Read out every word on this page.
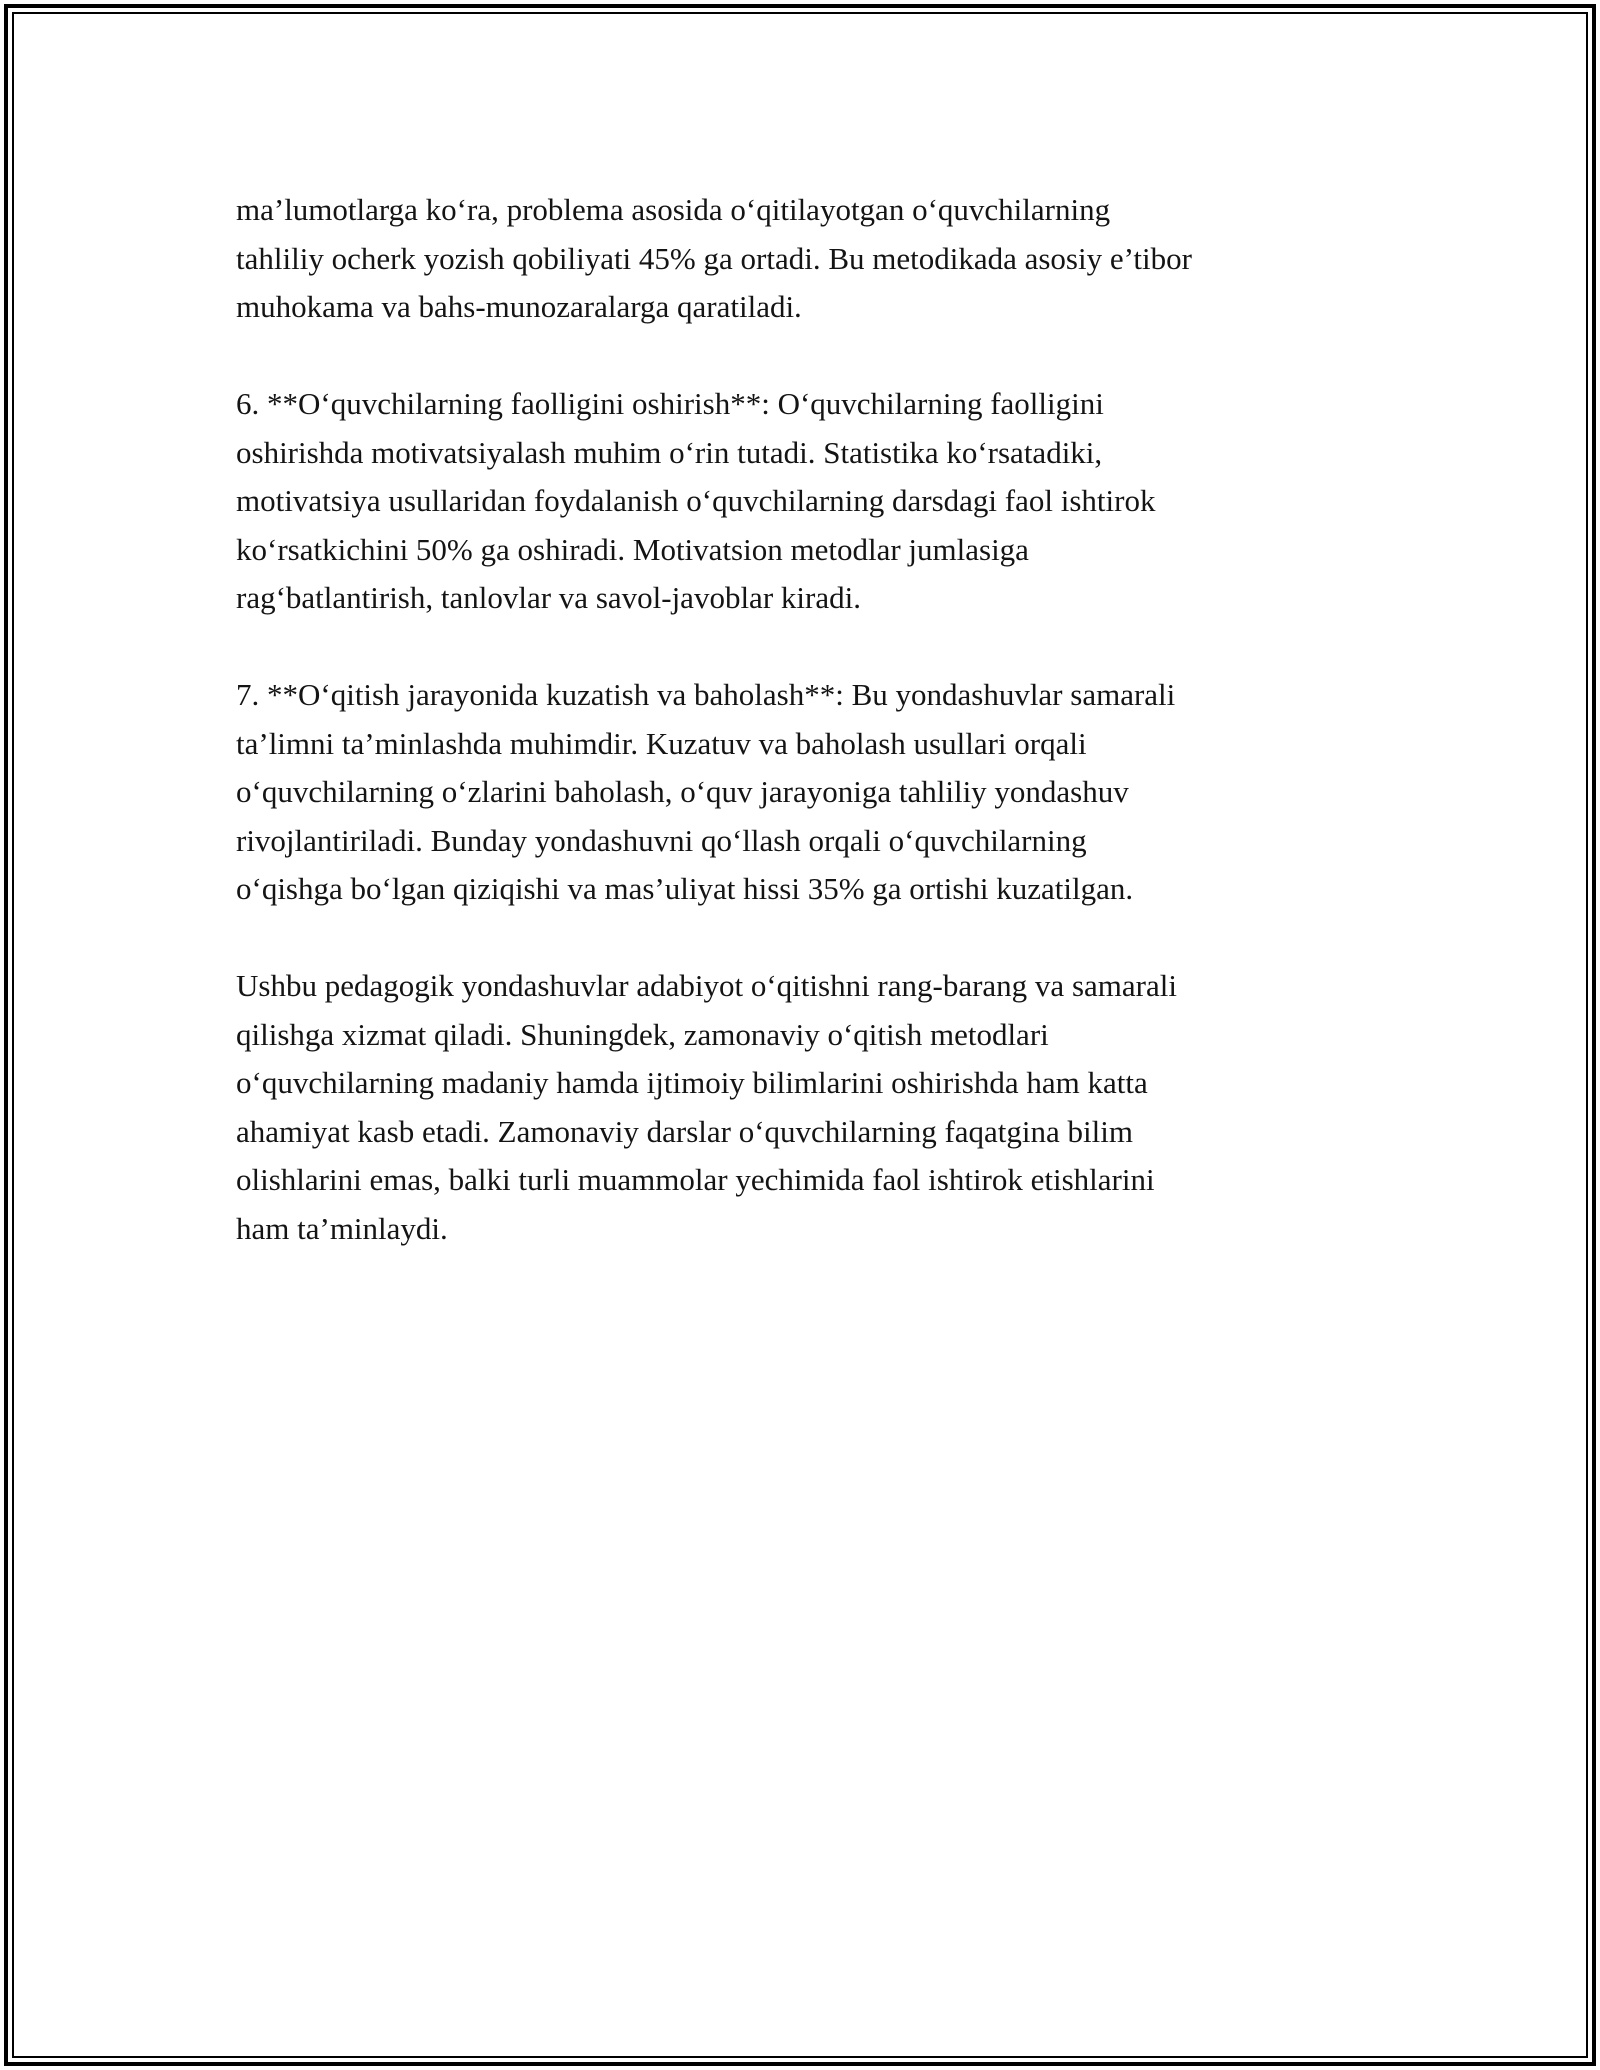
ma’lumotlarga ko‘ra, problema asosida o‘qitilayotgan o‘quvchilarning
tahliliy ocherk yozish qobiliyati 45% ga ortadi. Bu metodikada asosiy e’tibor
muhokama va bahs-munozaralarga qaratiladi.

6. **O‘quvchilarning faolligini oshirish**: O‘quvchilarning faolligini
oshirishda motivatsiyalash muhim o‘rin tutadi. Statistika ko‘rsatadiki,
motivatsiya usullaridan foydalanish o‘quvchilarning darsdagi faol ishtirok
ko‘rsatkichini 50% ga oshiradi. Motivatsion metodlar jumlasiga
rag‘batlantirish, tanlovlar va savol-javoblar kiradi.

7. **O‘qitish jarayonida kuzatish va baholash**: Bu yondashuvlar samarali
ta’limni ta’minlashda muhimdir. Kuzatuv va baholash usullari orqali
o‘quvchilarning o‘zlarini baholash, o‘quv jarayoniga tahliliy yondashuv
rivojlantiriladi. Bunday yondashuvni qo‘llash orqali o‘quvchilarning
o‘qishga bo‘lgan qiziqishi va mas’uliyat hissi 35% ga ortishi kuzatilgan.

Ushbu pedagogik yondashuvlar adabiyot o‘qitishni rang-barang va samarali
qilishga xizmat qiladi. Shuningdek, zamonaviy o‘qitish metodlari
o‘quvchilarning madaniy hamda ijtimoiy bilimlarini oshirishda ham katta
ahamiyat kasb etadi. Zamonaviy darslar o‘quvchilarning faqatgina bilim
olishlarini emas, balki turli muammolar yechimida faol ishtirok etishlarini
ham ta’minlaydi.
